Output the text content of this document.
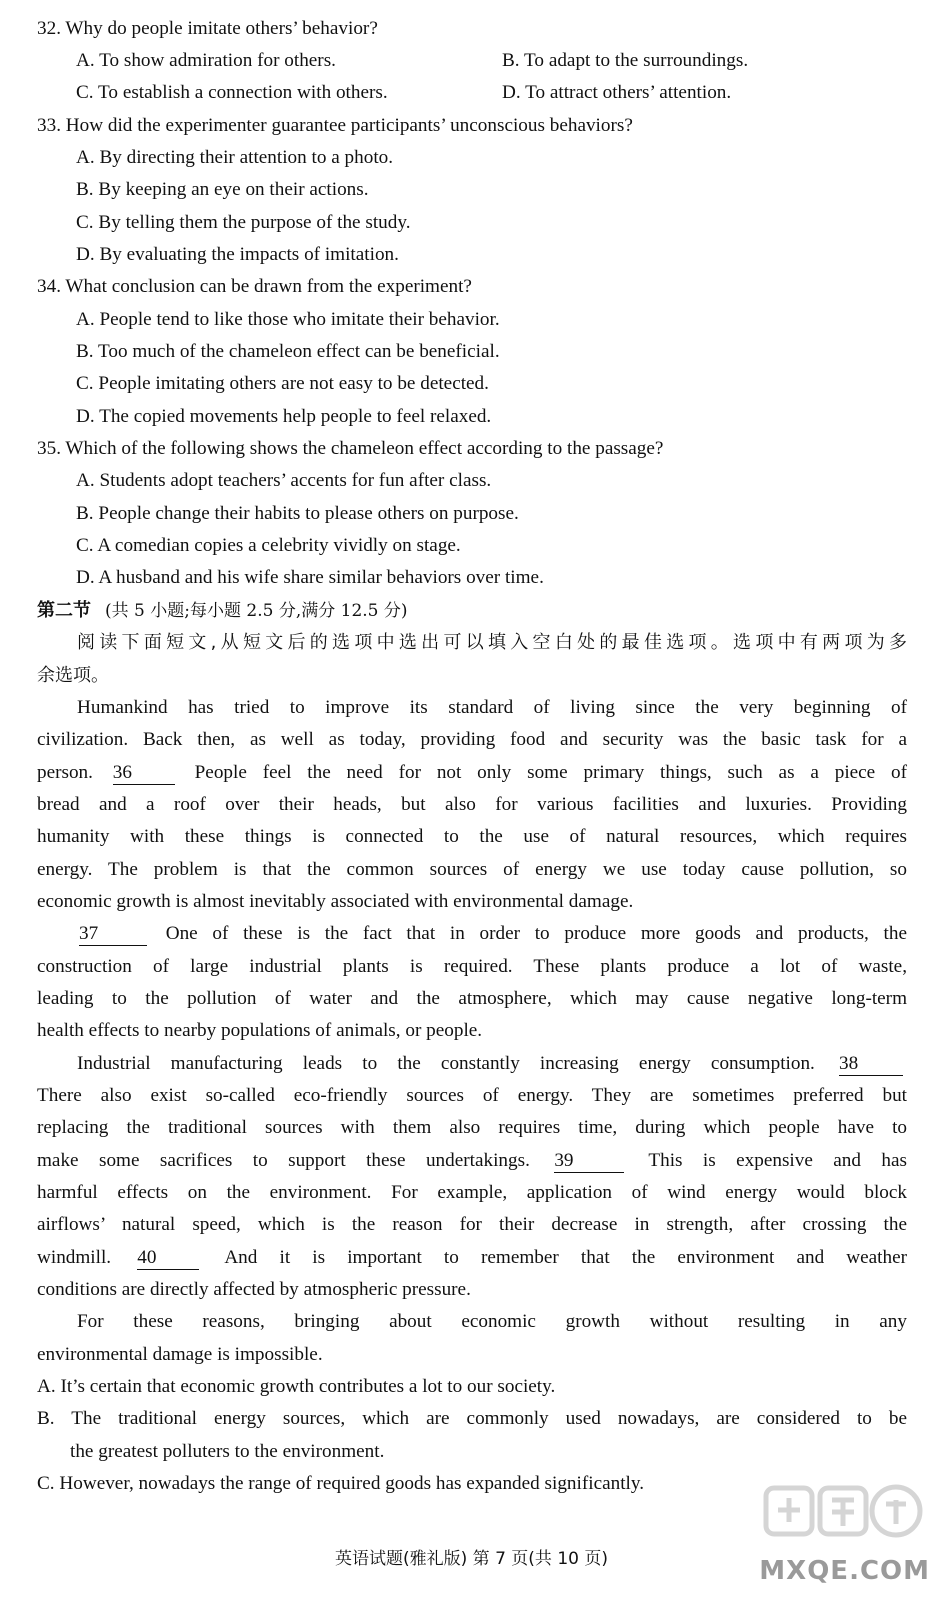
32. Why do people imitate others’ behavior?
A. To show admiration for others.	B. To adapt to the surroundings.
C. To establish a connection with others.	D. To attract others’ attention.
33. How did the experimenter guarantee participants’ unconscious behaviors?
A. By directing their attention to a photo.
B. By keeping an eye on their actions.
C. By telling them the purpose of the study.
D. By evaluating the impacts of imitation.
34. What conclusion can be drawn from the experiment?
A. People tend to like those who imitate their behavior.
B. Too much of the chameleon effect can be beneficial.
C. People imitating others are not easy to be detected.
D. The copied movements help people to feel relaxed.
35. Which of the following shows the chameleon effect according to the passage?
A. Students adopt teachers’ accents for fun after class.
B. People change their habits to please others on purpose.
C. A comedian copies a celebrity vividly on stage.
D. A husband and his wife share similar behaviors over time.
第二节 (共 5 小题;每小题 2.5 分,满分 12.5 分)
阅读下面短文,从短文后的选项中选出可以填入空白处的最佳选项。选项中有两项为多
余选项。
Humankind has tried to improve its standard of living since the very beginning of
civilization. Back then, as well as today, providing food and security was the basic task for a
person. 36	People feel the need for not only some primary things, such as a piece of
bread and a roof over their heads, but also for various facilities and luxuries. Providing
humanity with these things is connected to the use of natural resources, which requires
energy. The problem is that the common sources of energy we use today cause pollution, so
economic growth is almost inevitably associated with environmental damage.
37	One of these is the fact that in order to produce more goods and products, the
construction of large industrial plants is required. These plants produce a lot of waste,
leading to the pollution of water and the atmosphere, which may cause negative long-term
health effects to nearby populations of animals, or people.
Industrial manufacturing leads to the constantly increasing energy consumption. 38
There also exist so-called eco-friendly sources of energy. They are sometimes preferred but
replacing the traditional sources with them also requires time, during which people have to
make some sacrifices to support these undertakings. 39	This is expensive and has
harmful effects on the environment. For example, application of wind energy would block
airflows’ natural speed, which is the reason for their decrease in strength, after crossing the
windmill. 40	And it is important to remember that the environment and weather
conditions are directly affected by atmospheric pressure.
For these reasons, bringing about economic growth without resulting in any
environmental damage is impossible.
A. It’s certain that economic growth contributes a lot to our society.
B. The traditional energy sources, which are commonly used nowadays, are considered to be
the greatest polluters to the environment.
C. However, nowadays the range of required goods has expanded significantly.
MXQE.COM
英语试题(雅礼版) 第 7 页(共 10 页)
